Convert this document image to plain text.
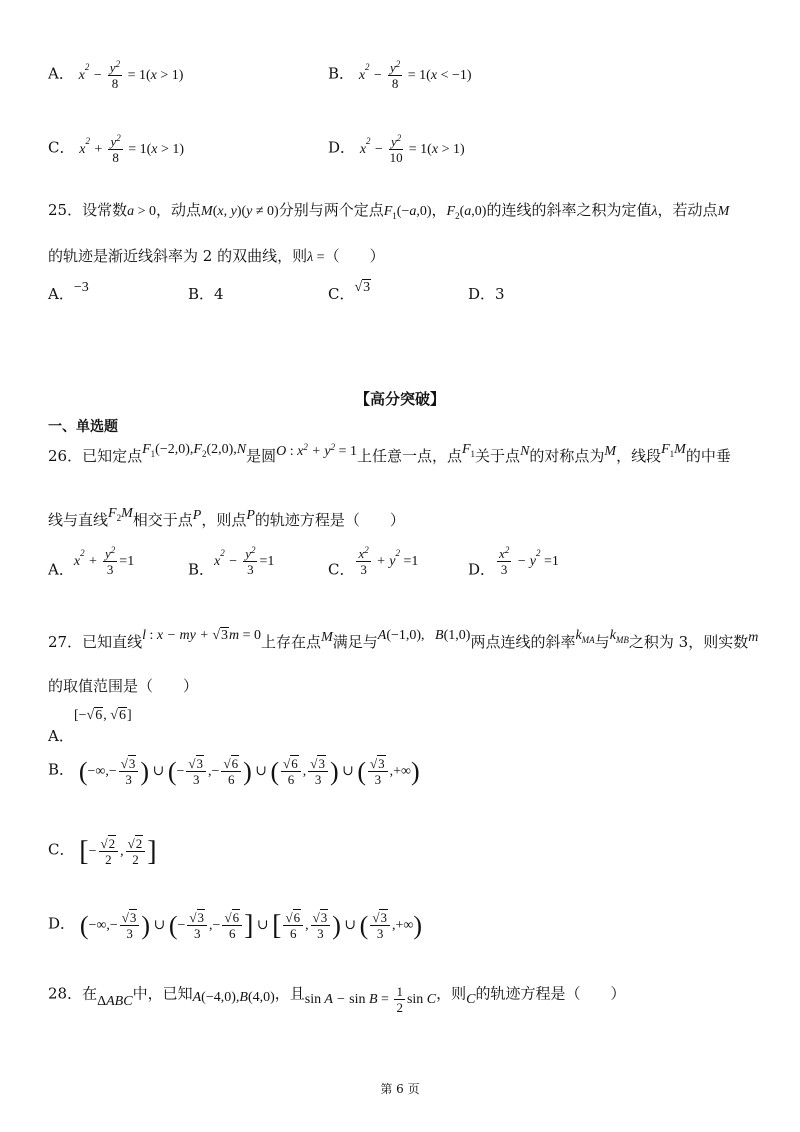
A． $x^2 - \frac{y^2}{8} = 1(x > 1)$	B． $x^2 - \frac{y^2}{8} = 1(x < -1)$
C． $x^2 + \frac{y^2}{8} = 1(x > 1)$	D． $x^2 - \frac{y^2}{10} = 1(x > 1)$
25．设常数a > 0，动点M(x, y)(y ≠ 0)分别与两个定点$F_1(-a,0)$，$F_2(a,0)$的连线的斜率之积为定值λ，若动点M
的轨迹是渐近线斜率为 2 的双曲线，则λ =（　　）
A．−3	B．4	C．√3	D．3
【高分突破】
一、单选题
26．已知定点$F_1(-2,0),F_2(2,0),N$是圆O : $x^2 + y^2 = 1$上任意一点，点$F_1$关于点N的对称点为M，线段$F_1M$的中垂
线与直线$F_2M$相交于点P，则点P的轨迹方程是（　　）
A．$x^2 + \frac{y^2}{3} =1$	B．$x^2 - \frac{y^2}{3} =1$	C． $\frac{x^2}{3} + y^2 =1$	D． $\frac{x^2}{3} - y^2 =1$
27．已知直线l : x − my + √3m = 0上存在点M满足与A(−1,0),   B(1,0)两点连线的斜率$k_{MA}$与$k_{MB}$之积为 3，则实数m
的取值范围是（　　）
[−√6, √6]
A．
B． (−∞,− $\frac{√3}{3}$ ) ∪ (− $\frac{√3}{3}$ ,− $\frac{√6}{6}$ ) ∪ ( $\frac{√6}{6}$ , $\frac{√3}{3}$ ) ∪ ( $\frac{√3}{3}$ ,+∞)
C． [− $\frac{√2}{2}$ , $\frac{√2}{2}$ ]
D． (−∞,− $\frac{√3}{3}$ ) ∪ (− $\frac{√3}{3}$ ,− $\frac{√6}{6}$ ] ∪ [ $\frac{√6}{6}$ , $\frac{√3}{3}$ ) ∪ ( $\frac{√3}{3}$ ,+∞)
28．在ΔABC中，已知A(−4,0),B(4,0)，且$\sin A - \sin B = \frac{1}{2}$ sin C，则C的轨迹方程是（　　）
第 6 页
